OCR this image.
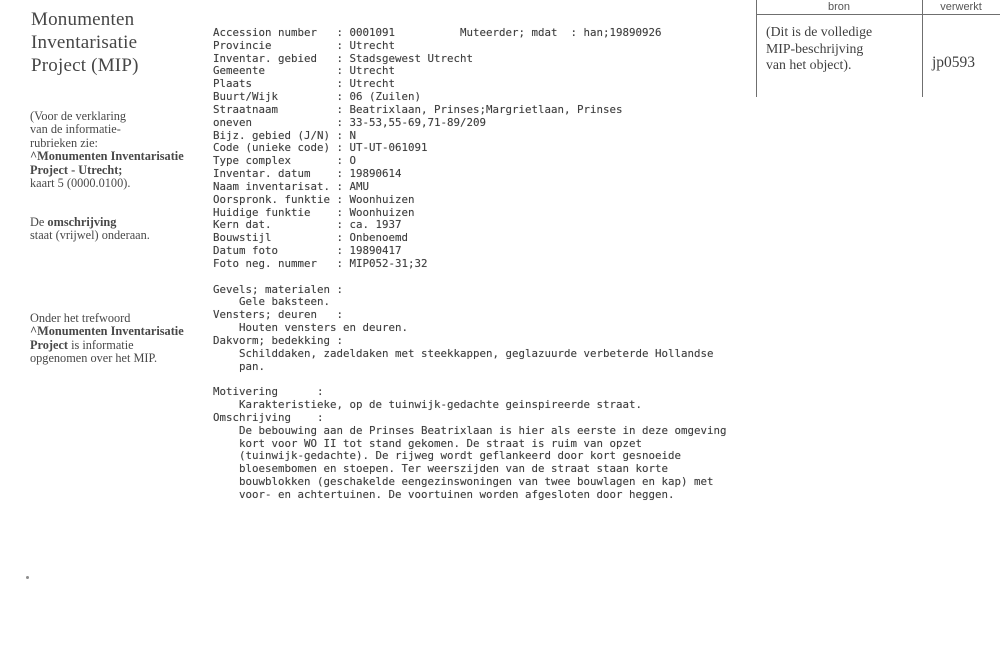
Monumenten
Inventarisatie
Project (MIP)
(Voor de verklaring
van de informatie-
rubrieken zie:
^Monumenten Inventarisatie
Project - Utrecht;
kaart 5 (0000.0100).
De omschrijving
staat (vrijwel) onderaan.
Onder het trefwoord
^Monumenten Inventarisatie
Project is informatie
opgenomen over het MIP.
Accession number   : 0001091          Muteerder; mdat  : han;19890926
Provincie          : Utrecht
Inventar. gebied   : Stadsgewest Utrecht
Gemeente           : Utrecht
Plaats             : Utrecht
Buurt/Wijk         : 06 (Zuilen)
Straatnaam         : Beatrixlaan, Prinses;Margrietlaan, Prinses
oneven             : 33-53,55-69,71-89/209
Bijz. gebied (J/N) : N
Code (unieke code) : UT-UT-061091
Type complex       : O
Inventar. datum    : 19890614
Naam inventarisat. : AMU
Oorspronk. funktie : Woonhuizen
Huidige funktie    : Woonhuizen
Kern dat.          : ca. 1937
Bouwstijl          : Onbenoemd
Datum foto         : 19890417
Foto neg. nummer   : MIP052-31;32

Gevels; materialen :
Gele baksteen.
Vensters; deuren   :
Houten vensters en deuren.
Dakvorm; bedekking :
Schilddaken, zadeldaken met steekkappen, geglazuurde verbeterde Hollandse
pan.

Motivering      :
Karakteristieke, op de tuinwijk-gedachte geinspireerde straat.
Omschrijving    :
De bebouwing aan de Prinses Beatrixlaan is hier als eerste in deze omgeving
kort voor WO II tot stand gekomen. De straat is ruim van opzet
(tuinwijk-gedachte). De rijweg wordt geflankeerd door kort gesnoeide
bloesembomen en stoepen. Ter weerszijden van de straat staan korte
bouwblokken (geschakelde eengezinswoningen van twee bouwlagen en kap) met
voor- en achtertuinen. De voortuinen worden afgesloten door heggen.
bron	verwerkt
(Dit is de volledige
MIP-beschrijving
van het object).	jp0593
